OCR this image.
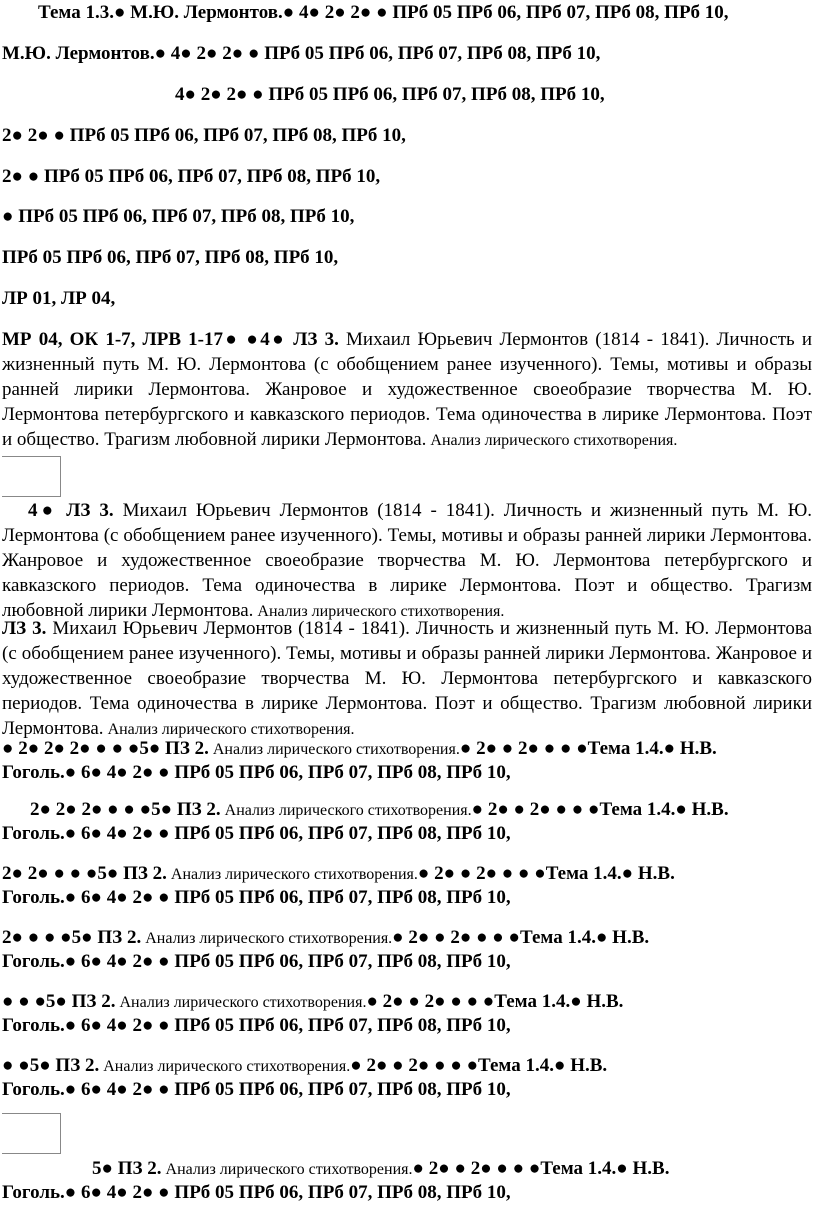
Тема 1.3.● М.Ю. Лермонтов.● 4● 2● 2● ● ПРб 05 ПРб 06, ПРб 07, ПРб 08, ПРб 10,
М.Ю. Лермонтов.● 4● 2● 2● ● ПРб 05 ПРб 06, ПРб 07, ПРб 08, ПРб 10,
4● 2● 2● ● ПРб 05 ПРб 06, ПРб 07, ПРб 08, ПРб 10,
2● 2● ● ПРб 05 ПРб 06, ПРб 07, ПРб 08, ПРб 10,
2● ● ПРб 05 ПРб 06, ПРб 07, ПРб 08, ПРб 10,
● ПРб 05 ПРб 06, ПРб 07, ПРб 08, ПРб 10,
ПРб 05 ПРб 06, ПРб 07, ПРб 08, ПРб 10,
ЛР 01, ЛР 04,
МР 04, ОК 1-7, ЛРВ 1-17● ●4● ЛЗ 3. Михаил Юрьевич Лермонтов (1814 - 1841). Личность и жизненный путь М. Ю. Лермонтова (с обобщением ранее изученного). Темы, мотивы и образы ранней лирики Лермонтова. Жанровое и художественное своеобразие творчества М. Ю. Лермонтова петербургского и кавказского периодов. Тема одиночества в лирике Лермонтова. Поэт и общество. Трагизм любовной лирики Лермонтова. Анализ лирического стихотворения.
4● ЛЗ 3. Михаил Юрьевич Лермонтов (1814 - 1841). Личность и жизненный путь М. Ю. Лермонтова (с обобщением ранее изученного). Темы, мотивы и образы ранней лирики Лермонтова. Жанровое и художественное своеобразие творчества М. Ю. Лермонтова петербургского и кавказского периодов. Тема одиночества в лирике Лермонтова. Поэт и общество. Трагизм любовной лирики Лермонтова. Анализ лирического стихотворения.
ЛЗ 3. Михаил Юрьевич Лермонтов (1814 - 1841). Личность и жизненный путь М. Ю. Лермонтова (с обобщением ранее изученного). Темы, мотивы и образы ранней лирики Лермонтова. Жанровое и художественное своеобразие творчества М. Ю. Лермонтова петербургского и кавказского периодов. Тема одиночества в лирике Лермонтова. Поэт и общество. Трагизм любовной лирики Лермонтова. Анализ лирического стихотворения.
● 2● 2● 2● ● ● ●5● ПЗ 2. Анализ лирического стихотворения.● 2● ● 2● ● ● ●Тема 1.4.● Н.В.
Гоголь.● 6● 4● 2● ● ПРб 05 ПРб 06, ПРб 07, ПРб 08, ПРб 10,
2● 2● 2● ● ● ●5● ПЗ 2. Анализ лирического стихотворения.● 2● ● 2● ● ● ●Тема 1.4.● Н.В.
Гоголь.● 6● 4● 2● ● ПРб 05 ПРб 06, ПРб 07, ПРб 08, ПРб 10,
2● 2● ● ● ●5● ПЗ 2. Анализ лирического стихотворения.● 2● ● 2● ● ● ●Тема 1.4.● Н.В.
Гоголь.● 6● 4● 2● ● ПРб 05 ПРб 06, ПРб 07, ПРб 08, ПРб 10,
2● ● ● ●5● ПЗ 2. Анализ лирического стихотворения.● 2● ● 2● ● ● ●Тема 1.4.● Н.В.
Гоголь.● 6● 4● 2● ● ПРб 05 ПРб 06, ПРб 07, ПРб 08, ПРб 10,
● ● ●5● ПЗ 2. Анализ лирического стихотворения.● 2● ● 2● ● ● ●Тема 1.4.● Н.В.
Гоголь.● 6● 4● 2● ● ПРб 05 ПРб 06, ПРб 07, ПРб 08, ПРб 10,
● ●5● ПЗ 2. Анализ лирического стихотворения.● 2● ● 2● ● ● ●Тема 1.4.● Н.В.
Гоголь.● 6● 4● 2● ● ПРб 05 ПРб 06, ПРб 07, ПРб 08, ПРб 10,
5● ПЗ 2. Анализ лирического стихотворения.● 2● ● 2● ● ● ●Тема 1.4.● Н.В.
Гоголь.● 6● 4● 2● ● ПРб 05 ПРб 06, ПРб 07, ПРб 08, ПРб 10,
